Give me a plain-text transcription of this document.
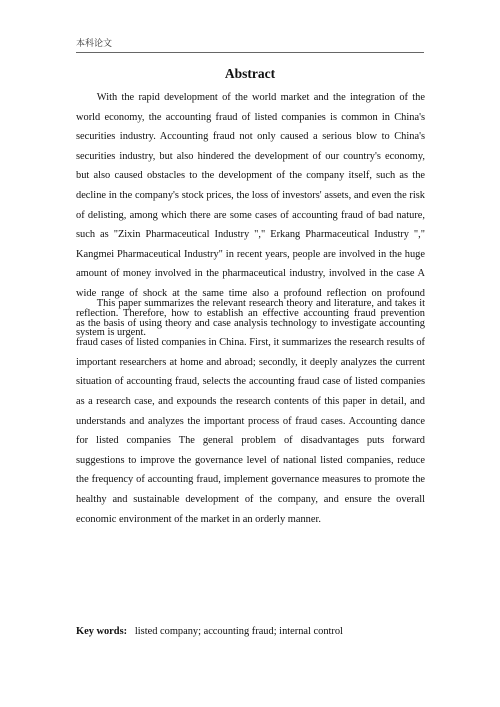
本科论文
Abstract

With the rapid development of the world market and the integration of the world economy, the accounting fraud of listed companies is common in China's securities industry. Accounting fraud not only caused a serious blow to China's securities industry, but also hindered the development of our country's economy, but also caused obstacles to the development of the company itself, such as the decline in the company's stock prices, the loss of investors' assets, and even the risk of delisting, among which there are some cases of accounting fraud of bad nature, such as "Zixin Pharmaceutical Industry "," Erkang Pharmaceutical Industry "," Kangmei Pharmaceutical Industry" in recent years, people are involved in the huge amount of money involved in the pharmaceutical industry, involved in the case A wide range of shock at the same time also a profound reflection on profound reflection. Therefore, how to establish an effective accounting fraud prevention system is urgent.

This paper summarizes the relevant research theory and literature, and takes it as the basis of using theory and case analysis technology to investigate accounting fraud cases of listed companies in China. First, it summarizes the research results of important researchers at home and abroad; secondly, it deeply analyzes the current situation of accounting fraud, selects the accounting fraud case of listed companies as a research case, and expounds the research contents of this paper in detail, and understands and analyzes the important process of fraud cases. Accounting dance for listed companies The general problem of disadvantages puts forward suggestions to improve the governance level of national listed companies, reduce the frequency of accounting fraud, implement governance measures to promote the healthy and sustainable development of the company, and ensure the overall economic environment of the market in an orderly manner.

Key words: listed company; accounting fraud; internal control
